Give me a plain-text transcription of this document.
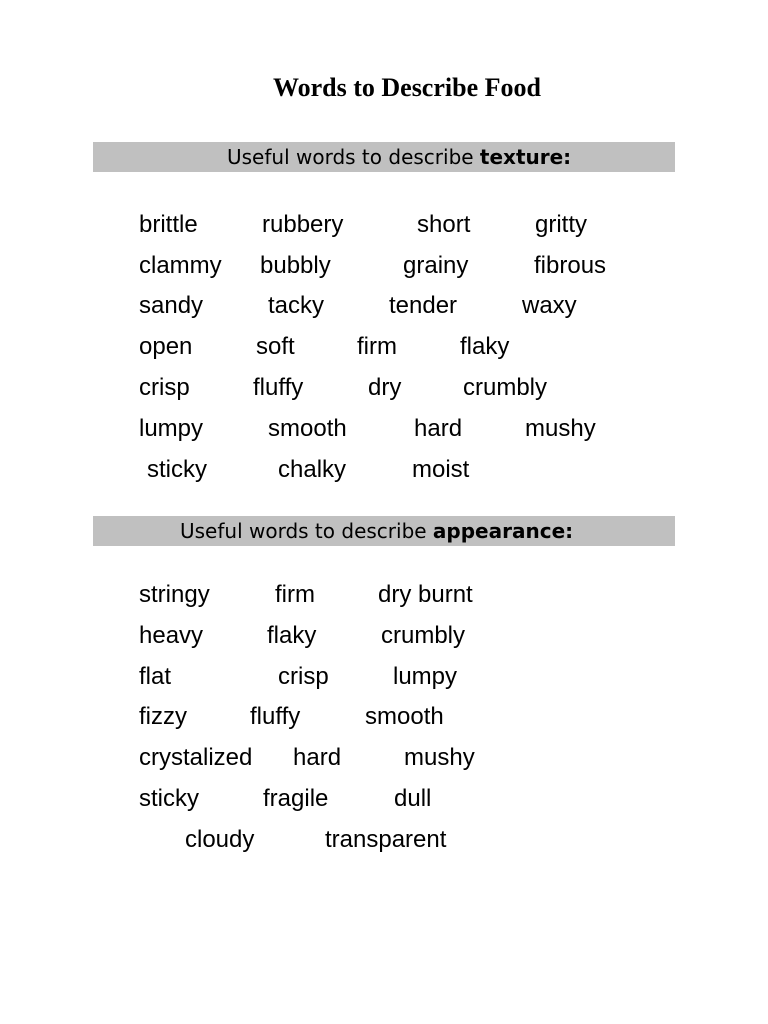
Words to Describe Food
Useful words to describe texture:
brittle	rubbery	short	gritty
clammy bubbly	grainy	fibrous
sandy	tacky	tender	waxy
open	soft	firm	flaky
crisp	fluffy	dry	crumbly
lumpy	smooth	hard	mushy
sticky	chalky	moist
Useful words to describe appearance:
stringy	firm	dry burnt
heavy	flaky	crumbly
flat	crisp	lumpy
fizzy	fluffy	smooth
crystalized hard	mushy
sticky	fragile	dull
cloudy	transparent
